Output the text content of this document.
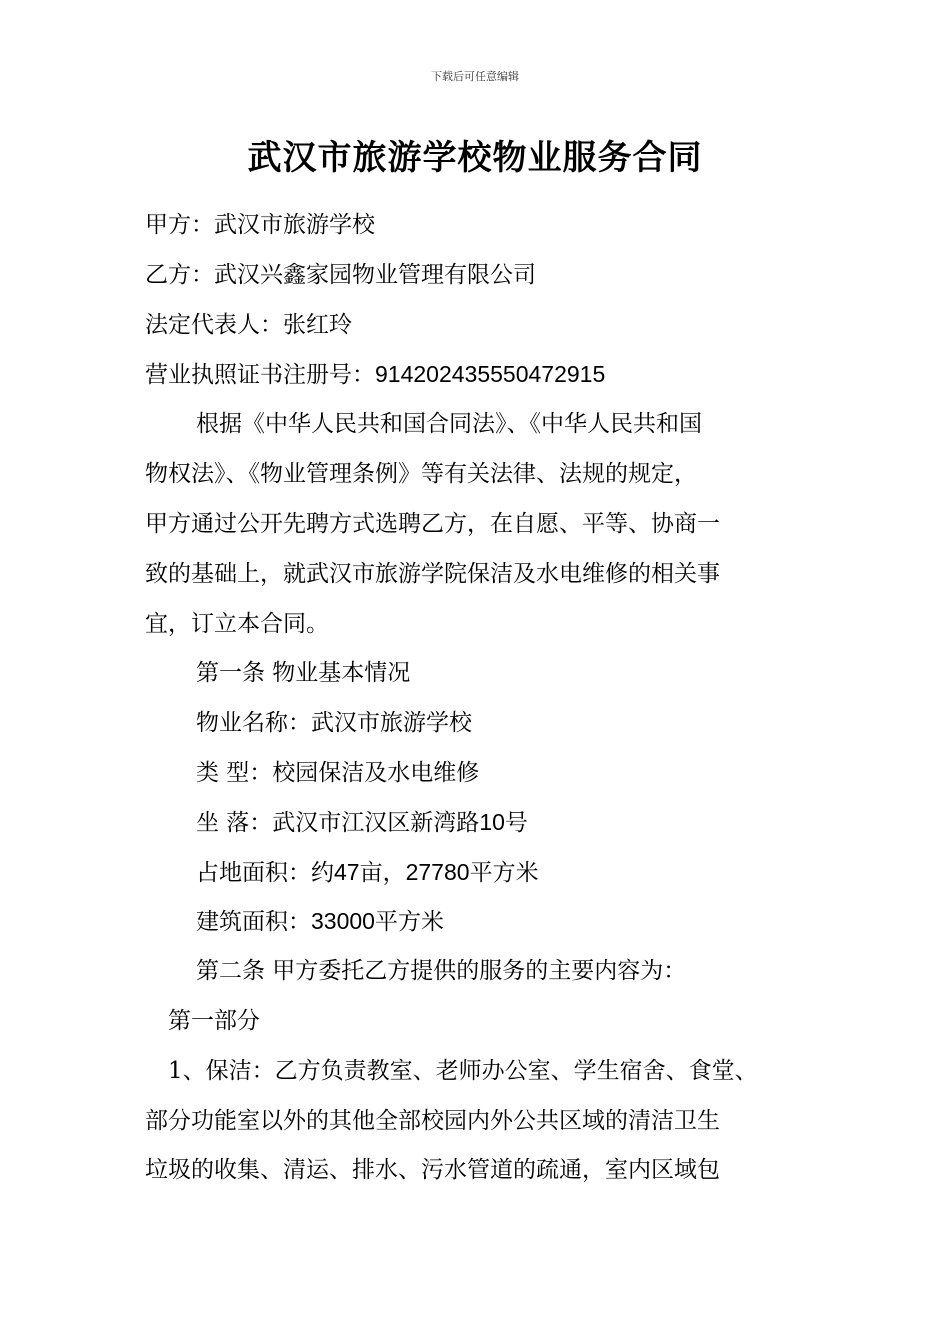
下载后可任意编辑
武汉市旅游学校物业服务合同
甲方：武汉市旅游学校
乙方：武汉兴鑫家园物业管理有限公司
法定代表人：张红玲
营业执照证书注册号：914202435550472915
根据《中华人民共和国合同法》、《中华人民共和国
物权法》、《物业管理条例》等有关法律、法规的规定，
甲方通过公开先聘方式选聘乙方，在自愿、平等、协商一
致的基础上，就武汉市旅游学院保洁及水电维修的相关事
宜，订立本合同。
第一条 物业基本情况
物业名称：武汉市旅游学校
类 型：校园保洁及水电维修
坐 落：武汉市江汉区新湾路10号
占地面积：约47亩，27780平方米
建筑面积：33000平方米
第二条 甲方委托乙方提供的服务的主要内容为：
第一部分
1、保洁：乙方负责教室、老师办公室、学生宿舍、食堂、
部分功能室以外的其他全部校园内外公共区域的清洁卫生
垃圾的收集、清运、排水、污水管道的疏通，室内区域包
